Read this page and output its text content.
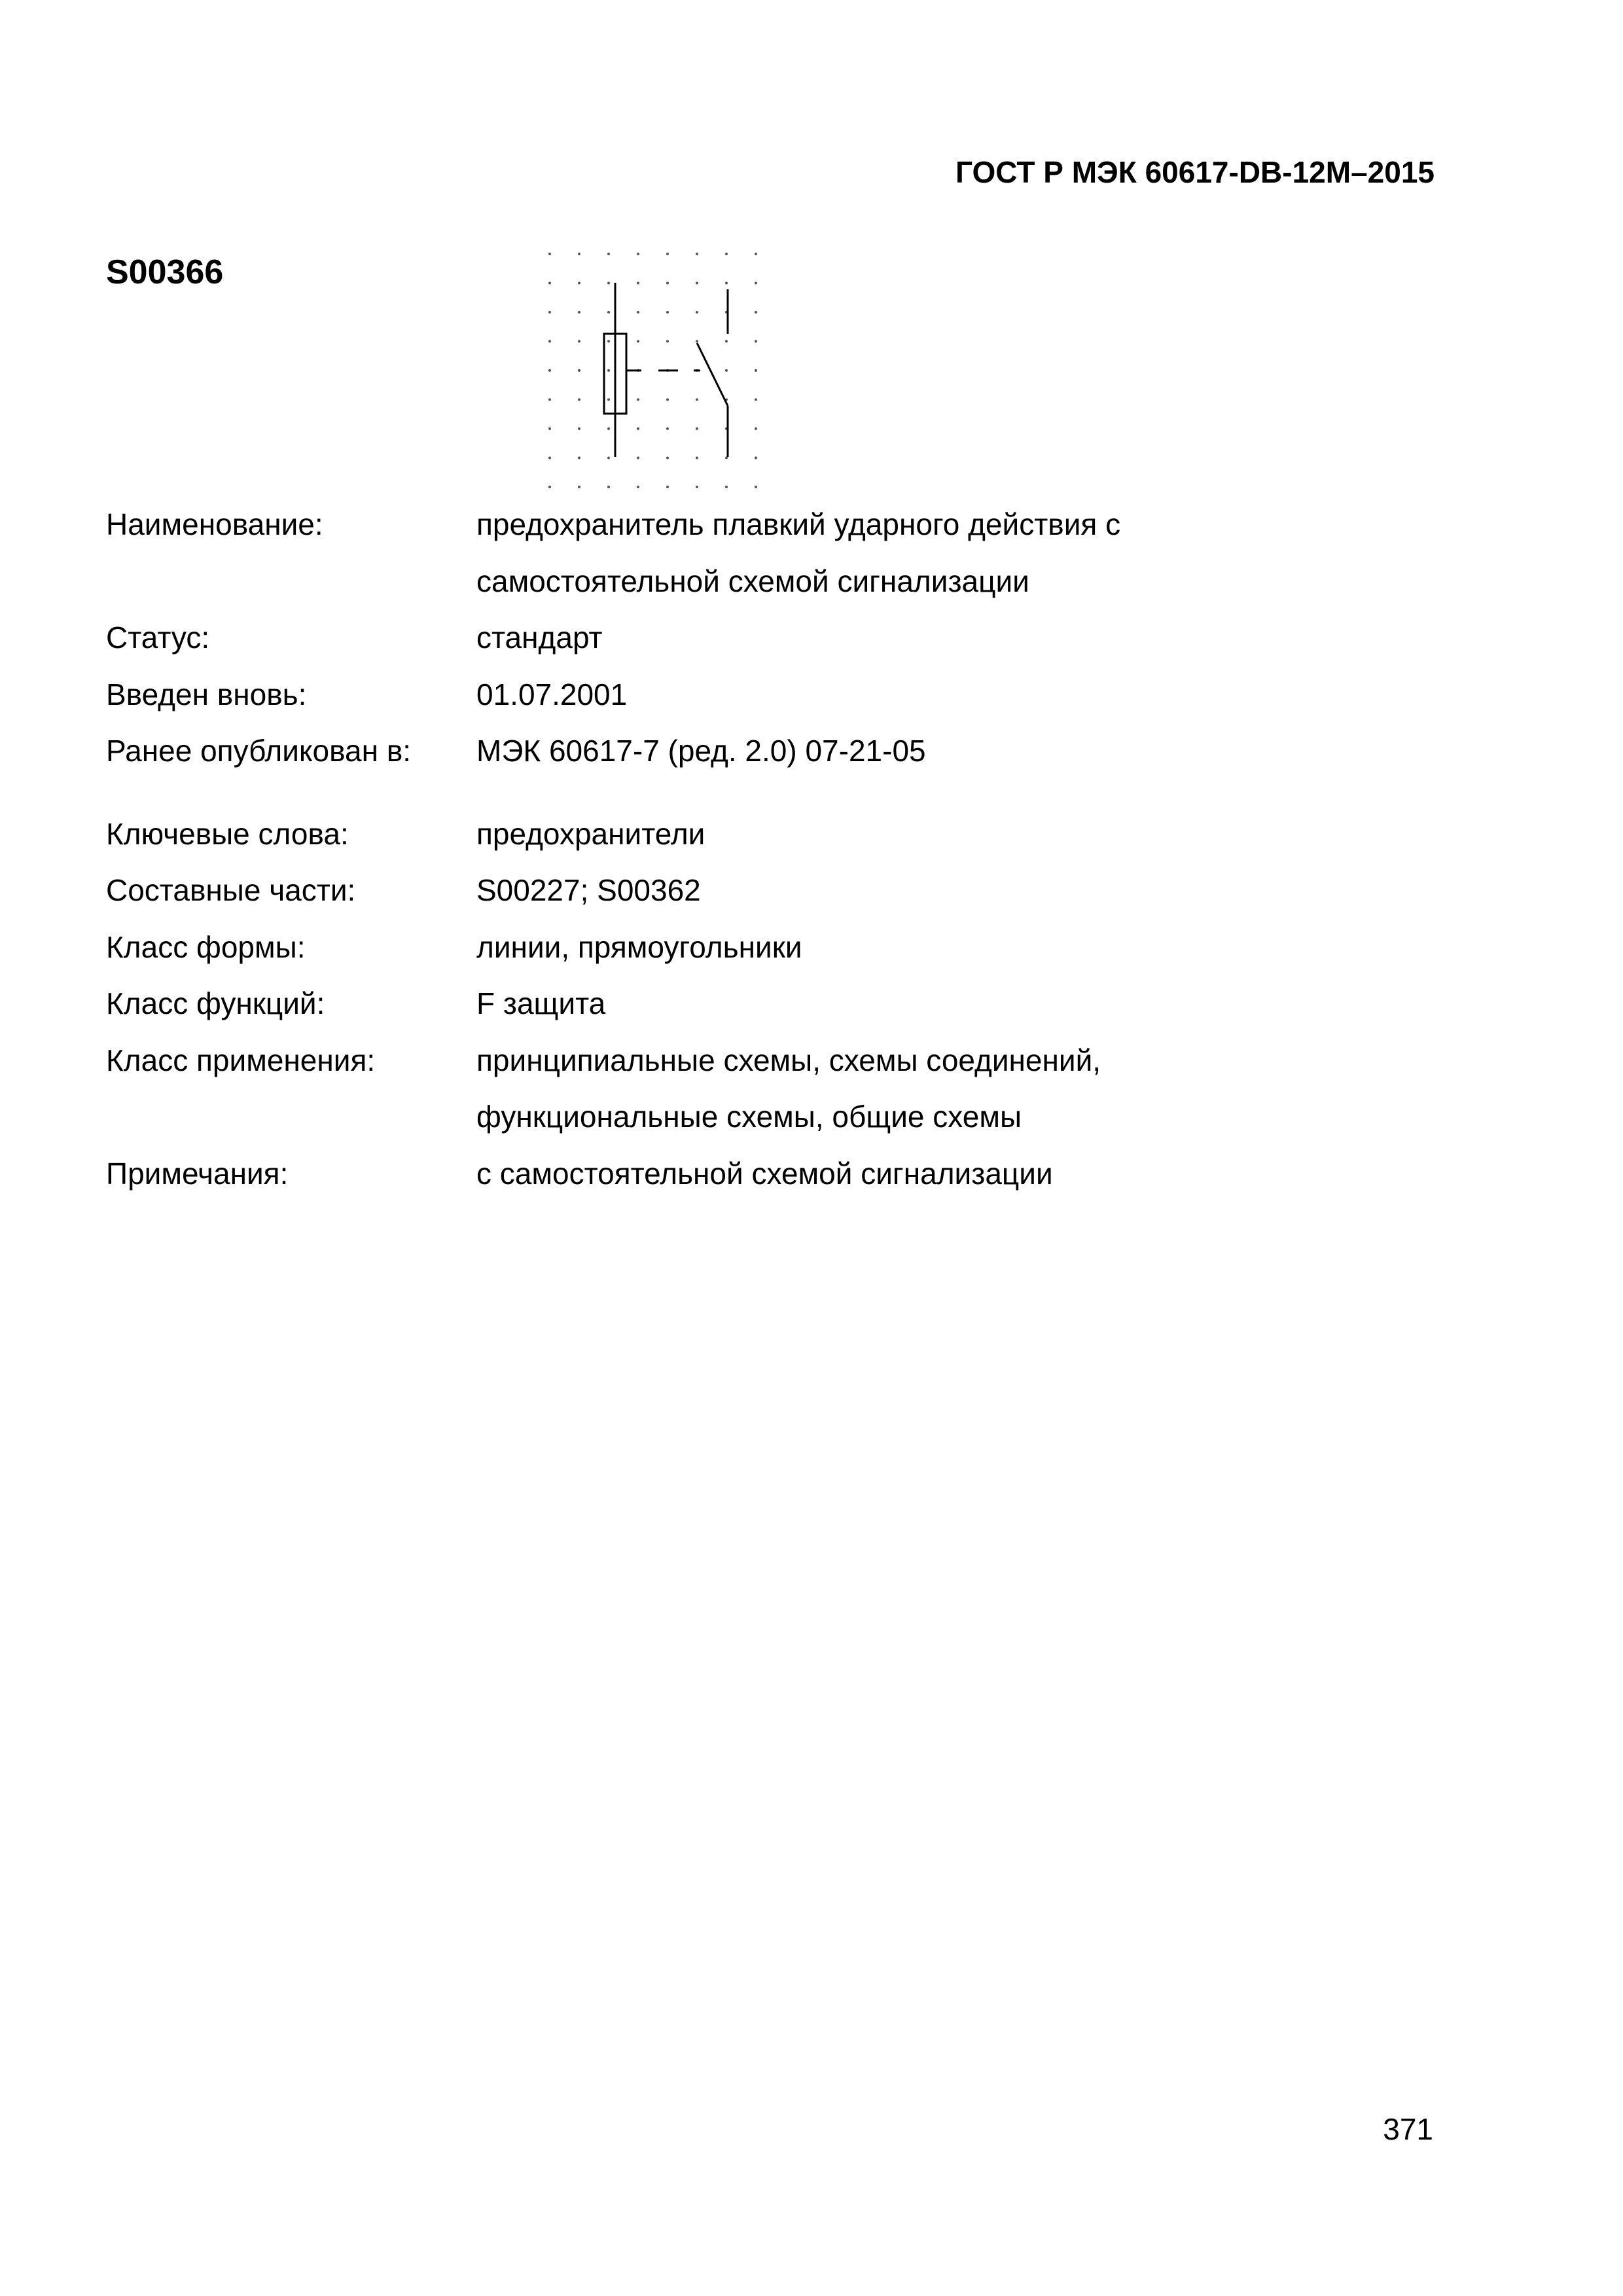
ГОСТ Р МЭК 60617-DB-12M–2015
S00366
Наименование:	предохранитель плавкий ударного действия с
самостоятельной схемой сигнализации
Статус:	стандарт
Введен вновь:	01.07.2001
Ранее опубликован в:	МЭК 60617-7 (ред. 2.0) 07-21-05
Ключевые слова:	предохранители
Составные части:	S00227; S00362
Класс формы:	линии, прямоугольники
Класс функций:	F защита
Класс применения:	принципиальные схемы, схемы соединений,
функциональные схемы, общие схемы
Примечания:	с самостоятельной схемой сигнализации
371
